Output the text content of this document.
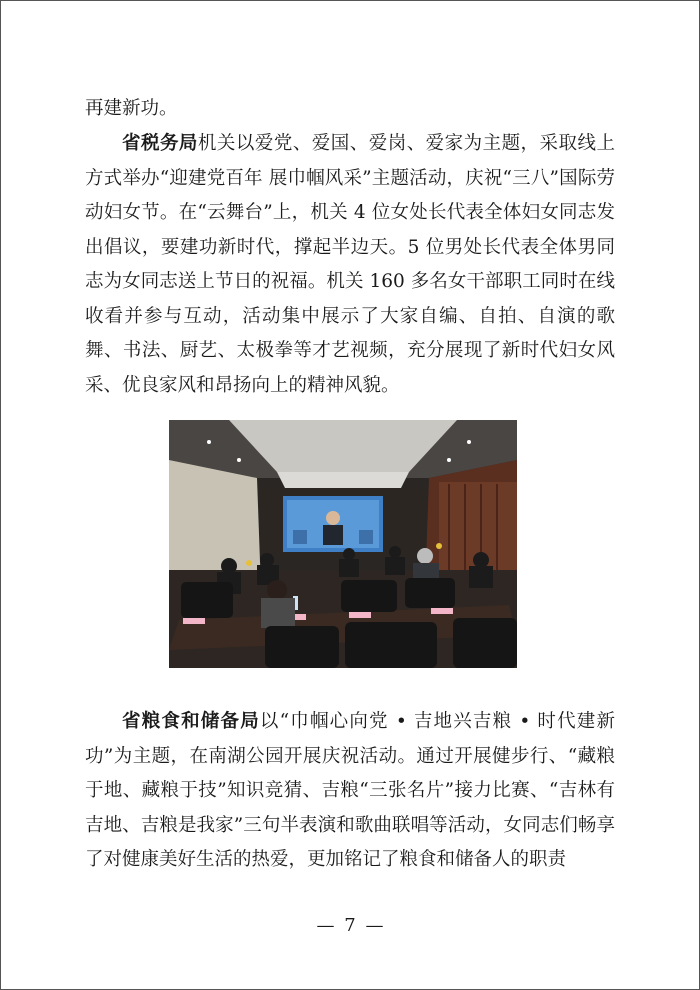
再建新功。

省税务局机关以爱党、爱国、爱岗、爱家为主题，采取线上方式举办“迎建党百年 展巾帼风采”主题活动，庆祝“三八”国际劳动妇女节。在“云舞台”上，机关 4 位女处长代表全体妇女同志发出倡议，要建功新时代，撑起半边天。5 位男处长代表全体男同志为女同志送上节日的祝福。机关 160 多名女干部职工同时在线收看并参与互动，活动集中展示了大家自编、自拍、自演的歌舞、书法、厨艺、太极拳等才艺视频，充分展现了新时代妇女风采、优良家风和昂扬向上的精神风貌。

省粮食和储备局以“巾帼心向党 • 吉地兴吉粮 • 时代建新功”为主题，在南湖公园开展庆祝活动。通过开展健步行、“藏粮于地、藏粮于技”知识竞猜、吉粮“三张名片”接力比赛、“吉林有吉地、吉粮是我家”三句半表演和歌曲联唱等活动，女同志们畅享了对健康美好生活的热爱，更加铭记了粮食和储备人的职责

— 7 —
